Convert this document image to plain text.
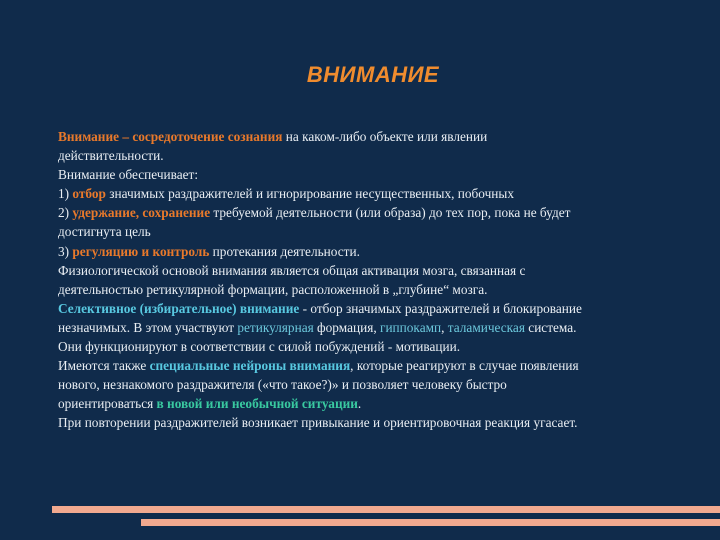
ВНИМАНИЕ

Внимание – сосредоточение сознания на каком-либо объекте или явлении

действительности.

Внимание обеспечивает:

1) отбор значимых раздражителей и игнорирование несущественных, побочных

2) удержание, сохранение требуемой деятельности (или образа) до тех пор, пока не будет

достигнута цель

3) регуляцию и контроль протекания деятельности.

Физиологической основой внимания является общая активация мозга, связанная с

деятельностью ретикулярной формации, расположенной в „глубине“ мозга.

Селективное (избирательное) внимание - отбор значимых раздражителей и блокирование

незначимых. В этом участвуют ретикулярная формация, гиппокамп, таламическая система.

Они функционируют в соответствии с силой побуждений - мотивации.

Имеются также специальные нейроны внимания, которые реагируют в случае появления

нового, незнакомого раздражителя («что такое?)» и позволяет человеку быстро

ориентироваться в новой или необычной ситуации.

При повторении раздражителей возникает привыкание и ориентировочная реакция угасает.
